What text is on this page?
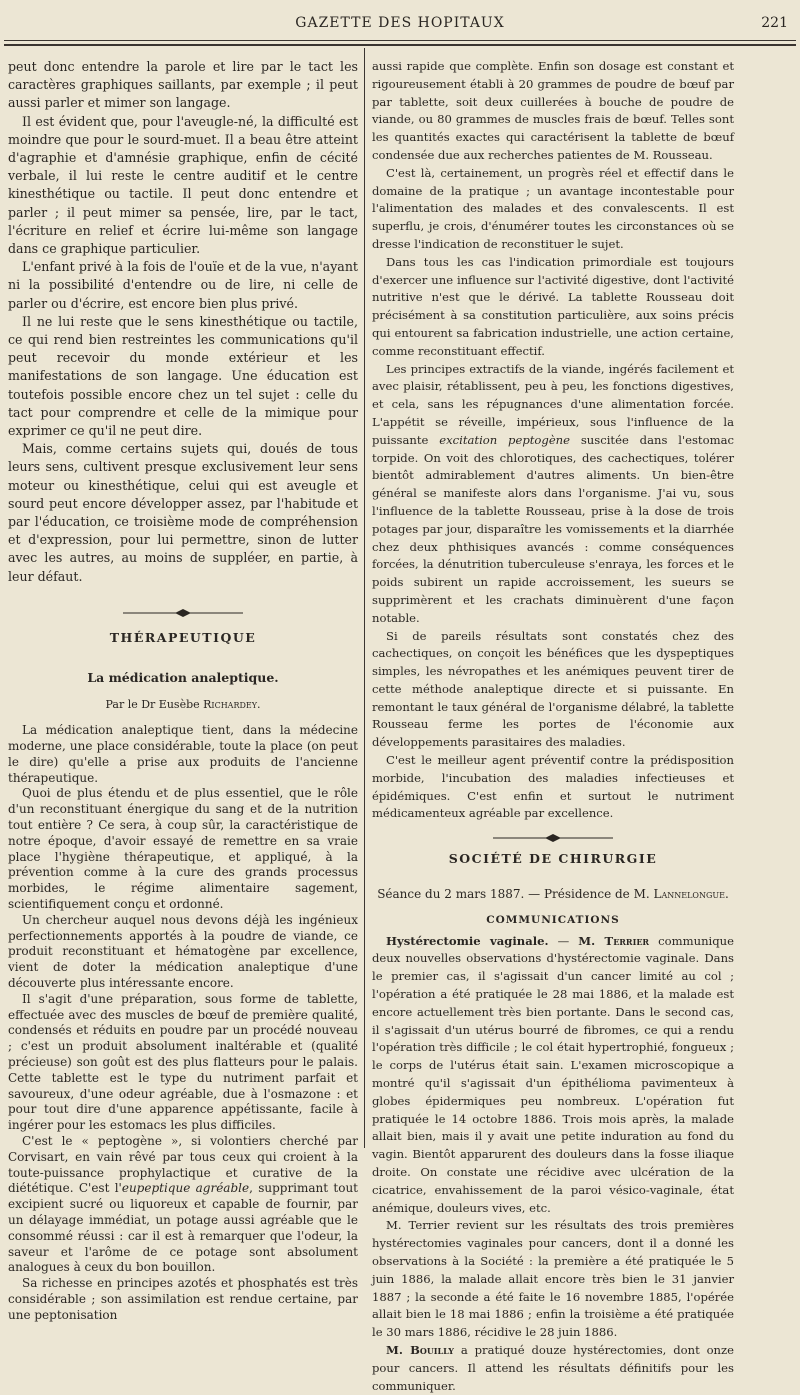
GAZETTE DES HOPITAUX	221

peut donc entendre la parole et lire par le tact les caractères graphiques saillants, par exemple ; il peut aussi parler et mimer son langage.

Il est évident que, pour l'aveugle-né, la difficulté est moindre que pour le sourd-muet. Il a beau être atteint d'agraphie et d'amnésie graphique, enfin de cécité verbale, il lui reste le centre auditif et le centre kinesthétique ou tactile. Il peut donc entendre et parler ; il peut mimer sa pensée, lire, par le tact, l'écriture en relief et écrire lui-même son langage dans ce graphique particulier.

L'enfant privé à la fois de l'ouïe et de la vue, n'ayant ni la possibilité d'entendre ou de lire, ni celle de parler ou d'écrire, est encore bien plus privé.

Il ne lui reste que le sens kinesthétique ou tactile, ce qui rend bien restreintes les communications qu'il peut recevoir du monde extérieur et les manifestations de son langage. Une éducation est toutefois possible encore chez un tel sujet : celle du tact pour comprendre et celle de la mimique pour exprimer ce qu'il ne peut dire.

Mais, comme certains sujets qui, doués de tous leurs sens, cultivent presque exclusivement leur sens moteur ou kinesthétique, celui qui est aveugle et sourd peut encore développer assez, par l'habitude et par l'éducation, ce troisième mode de compréhension et d'expression, pour lui permettre, sinon de lutter avec les autres, au moins de suppléer, en partie, à leur défaut.

THÉRAPEUTIQUE
La médication analeptique.
Par le Dr Eusèbe Richardey.

La médication analeptique tient, dans la médecine moderne, une place considérable, toute la place (on peut le dire) qu'elle a prise aux produits de l'ancienne thérapeutique.

Quoi de plus étendu et de plus essentiel, que le rôle d'un reconstituant énergique du sang et de la nutrition tout entière ? Ce sera, à coup sûr, la caractéristique de notre époque, d'avoir essayé de remettre en sa vraie place l'hygiène thérapeutique, et appliqué, à la prévention comme à la cure des grands processus morbides, le régime alimentaire sagement, scientifiquement conçu et ordonné.

Un chercheur auquel nous devons déjà les ingénieux perfectionnements apportés à la poudre de viande, ce produit reconstituant et hématogène par excellence, vient de doter la médication analeptique d'une découverte plus intéressante encore.

Il s'agit d'une préparation, sous forme de tablette, effectuée avec des muscles de bœuf de première qualité, condensés et réduits en poudre par un procédé nouveau ; c'est un produit absolument inaltérable et (qualité précieuse) son goût est des plus flatteurs pour le palais. Cette tablette est le type du nutriment parfait et savoureux, d'une odeur agréable, due à l'osmazone : et pour tout dire d'une apparence appétissante, facile à ingérer pour les estomacs les plus difficiles.

C'est le « peptogène », si volontiers cherché par Corvisart, en vain rêvé par tous ceux qui croient à la toute-puissance prophylactique et curative de la diététique. C'est l'eupeptique agréable, supprimant tout excipient sucré ou liquoreux et capable de fournir, par un délayage immédiat, un potage aussi agréable que le consommé réussi : car il est à remarquer que l'odeur, la saveur et l'arôme de ce potage sont absolument analogues à ceux du bon bouillon.

Sa richesse en principes azotés et phosphatés est très considérable ; son assimilation est rendue certaine, par une peptonisation

aussi rapide que complète. Enfin son dosage est constant et rigoureusement établi à 20 grammes de poudre de bœuf par par tablette, soit deux cuillerées à bouche de poudre de viande, ou 80 grammes de muscles frais de bœuf. Telles sont les quantités exactes qui caractérisent la tablette de bœuf condensée due aux recherches patientes de M. Rousseau.

C'est là, certainement, un progrès réel et effectif dans le domaine de la pratique ; un avantage incontestable pour l'alimentation des malades et des convalescents. Il est superflu, je crois, d'énumérer toutes les circonstances où se dresse l'indication de reconstituer le sujet.

Dans tous les cas l'indication primordiale est toujours d'exercer une influence sur l'activité digestive, dont l'activité nutritive n'est que le dérivé. La tablette Rousseau doit précisément à sa constitution particulière, aux soins précis qui entourent sa fabrication industrielle, une action certaine, comme reconstituant effectif.

Les principes extractifs de la viande, ingérés facilement et avec plaisir, rétablissent, peu à peu, les fonctions digestives, et cela, sans les répugnances d'une alimentation forcée. L'appétit se réveille, impérieux, sous l'influence de la puissante excitation peptogène suscitée dans l'estomac torpide. On voit des chlorotiques, des cachectiques, tolérer bientôt admirablement d'autres aliments. Un bien-être général se manifeste alors dans l'organisme. J'ai vu, sous l'influence de la tablette Rousseau, prise à la dose de trois potages par jour, disparaître les vomissements et la diarrhée chez deux phthisiques avancés : comme conséquences forcées, la dénutrition tuberculeuse s'enraya, les forces et le poids subirent un rapide accroissement, les sueurs se supprimèrent et les crachats diminuèrent d'une façon notable.

Si de pareils résultats sont constatés chez des cachectiques, on conçoit les bénéfices que les dyspeptiques simples, les névropathes et les anémiques peuvent tirer de cette méthode analeptique directe et si puissante. En remontant le taux général de l'organisme délabré, la tablette Rousseau ferme les portes de l'économie aux développements parasitaires des maladies.

C'est le meilleur agent préventif contre la prédisposition morbide, l'incubation des maladies infectieuses et épidémiques. C'est enfin et surtout le nutriment médicamenteux agréable par excellence.

SOCIÉTÉ DE CHIRURGIE
Séance du 2 mars 1887. — Présidence de M. Lannelongue.
COMMUNICATIONS

Hystérectomie vaginale. — M. Terrier communique deux nouvelles observations d'hystérectomie vaginale. Dans le premier cas, il s'agissait d'un cancer limité au col ; l'opération a été pratiquée le 28 mai 1886, et la malade est encore actuellement très bien portante. Dans le second cas, il s'agissait d'un utérus bourré de fibromes, ce qui a rendu l'opération très difficile ; le col était hypertrophié, fongueux ; le corps de l'utérus était sain. L'examen microscopique a montré qu'il s'agissait d'un épithélioma pavimenteux à globes épidermiques peu nombreux. L'opération fut pratiquée le 14 octobre 1886. Trois mois après, la malade allait bien, mais il y avait une petite induration au fond du vagin. Bientôt apparurent des douleurs dans la fosse iliaque droite. On constate une récidive avec ulcération de la cicatrice, envahissement de la paroi vésico-vaginale, état anémique, douleurs vives, etc.

M. Terrier revient sur les résultats des trois premières hystérectomies vaginales pour cancers, dont il a donné les observations à la Société : la première a été pratiquée le 5 juin 1886, la malade allait encore très bien le 31 janvier 1887 ; la seconde a été faite le 16 novembre 1885, l'opérée allait bien le 18 mai 1886 ; enfin la troisième a été pratiquée le 30 mars 1886, récidive le 28 juin 1886.

M. Bouilly a pratiqué douze hystérectomies, dont onze pour cancers. Il attend les résultats définitifs pour les communiquer.
